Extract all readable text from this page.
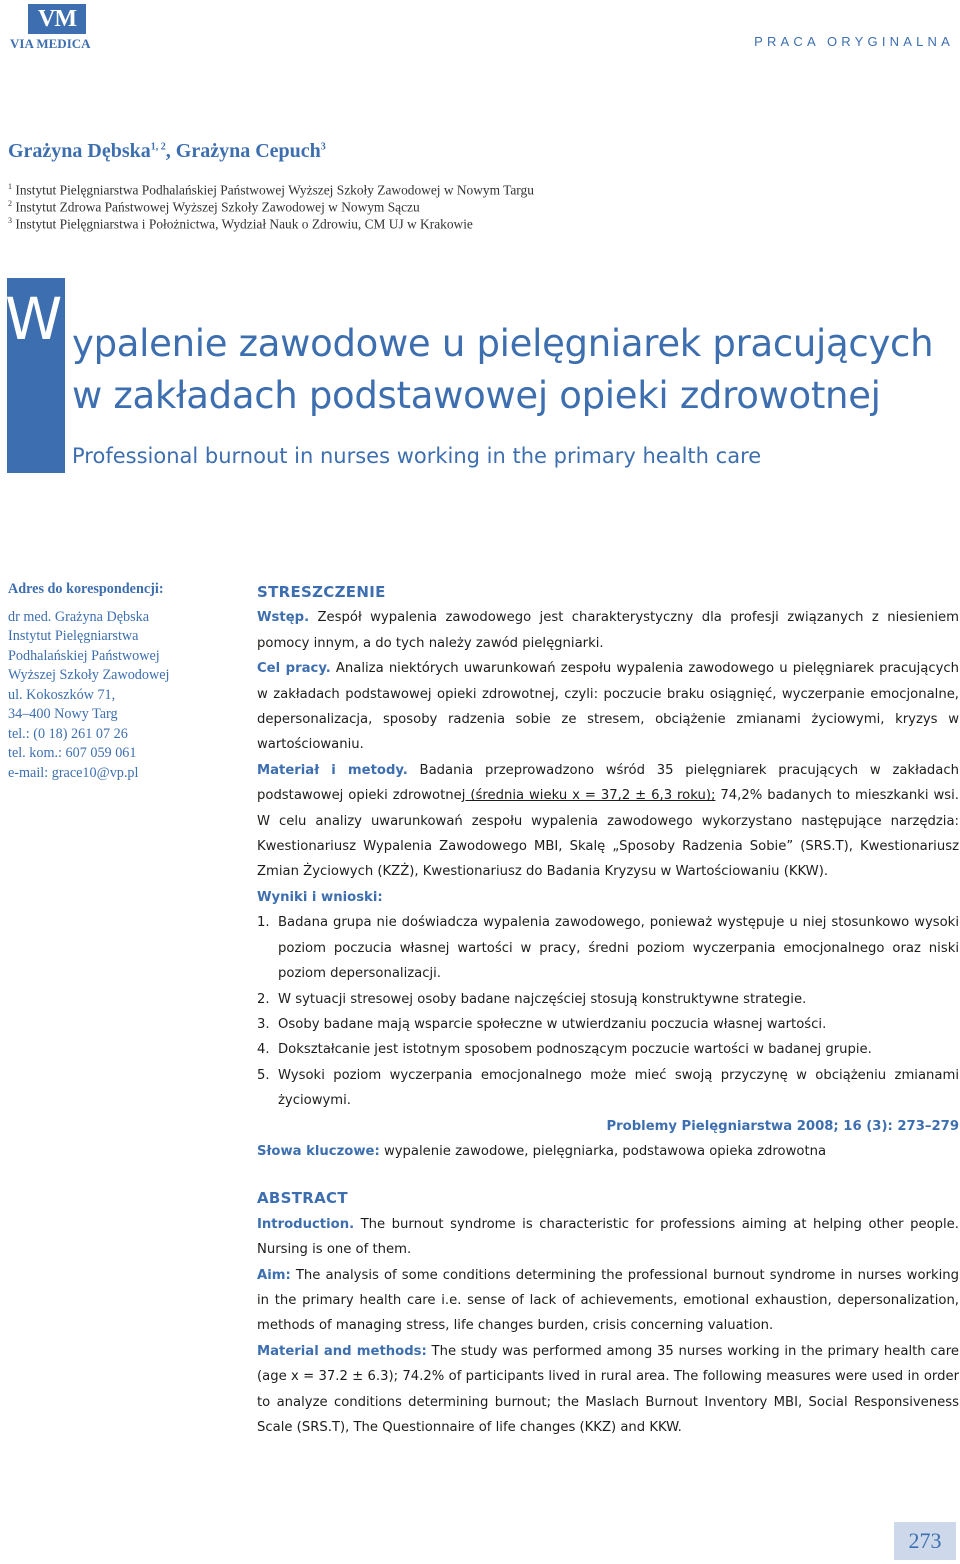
VM
VIA MEDICA	PRACA ORYGINALNA
Grażyna Dębska$^{1, 2}$, Grażyna Cepuch$^3$
$^1$ Instytut Pielęgniarstwa Podhalańskiej Państwowej Wyższej Szkoły Zawodowej w Nowym Targu
$^2$ Instytut Zdrowa Państwowej Wyższej Szkoły Zawodowej w Nowym Sączu
$^3$ Instytut Pielęgniarstwa i Położnictwa, Wydział Nauk o Zdrowiu, CM UJ w Krakowie
W ypalenie zawodowe u pielęgniarek pracujących
w zakładach podstawowej opieki zdrowotnej
Professional burnout in nurses working in the primary health care
Adres do korespondencji:
dr med. Grażyna Dębska
Instytut Pielęgniarstwa
Podhalańskiej Państwowej
Wyższej Szkoły Zawodowej
ul. Kokoszków 71,
34–400 Nowy Targ
tel.: (0 18) 261 07 26
tel. kom.: 607 059 061
e-mail: grace10@vp.pl
STRESZCZENIE
Wstęp. Zespół wypalenia zawodowego jest charakterystyczny dla profesji związanych z niesieniem pomocy innym, a do tych należy zawód pielęgniarki.
Cel pracy. Analiza niektórych uwarunkowań zespołu wypalenia zawodowego u pielęgniarek pracujących w zakładach podstawowej opieki zdrowotnej, czyli: poczucie braku osiągnięć, wyczerpanie emocjonalne, depersonalizacja, sposoby radzenia sobie ze stresem, obciążenie zmianami życiowymi, kryzys w wartościowaniu.
Materiał i metody. Badania przeprowadzono wśród 35 pielęgniarek pracujących w zakładach podstawowej opieki zdrowotnej (średnia wieku x = 37,2 ± 6,3 roku); 74,2% badanych to mieszkanki wsi. W celu analizy uwarunkowań zespołu wypalenia zawodowego wykorzystano następujące narzędzia: Kwestionariusz Wypalenia Zawodowego MBI, Skalę „Sposoby Radzenia Sobie” (SRS.T), Kwestionariusz Zmian Życiowych (KZŻ), Kwestionariusz do Badania Kryzysu w Wartościowaniu (KKW).
Wyniki i wnioski:
1. Badana grupa nie doświadcza wypalenia zawodowego, ponieważ występuje u niej stosunkowo wysoki poziom poczucia własnej wartości w pracy, średni poziom wyczerpania emocjonalnego oraz niski poziom depersonalizacji.
2. W sytuacji stresowej osoby badane najczęściej stosują konstruktywne strategie.
3. Osoby badane mają wsparcie społeczne w utwierdzaniu poczucia własnej wartości.
4. Dokształcanie jest istotnym sposobem podnoszącym poczucie wartości w badanej grupie.
5. Wysoki poziom wyczerpania emocjonalnego może mieć swoją przyczynę w obciążeniu zmianami życiowymi.
Problemy Pielęgniarstwa 2008; 16 (3): 273–279
Słowa kluczowe: wypalenie zawodowe, pielęgniarka, podstawowa opieka zdrowotna
ABSTRACT
Introduction. The burnout syndrome is characteristic for professions aiming at helping other people. Nursing is one of them.
Aim: The analysis of some conditions determining the professional burnout syndrome in nurses working in the primary health care i.e. sense of lack of achievements, emotional exhaustion, depersonalization, methods of managing stress, life changes burden, crisis concerning valuation.
Material and methods: The study was performed among 35 nurses working in the primary health care (age x = 37.2 ± 6.3); 74.2% of participants lived in rural area. The following measures were used in order to analyze conditions determining burnout; the Maslach Burnout Inventory MBI, Social Responsiveness Scale (SRS.T), The Questionnaire of life changes (KKZ) and KKW.
273
